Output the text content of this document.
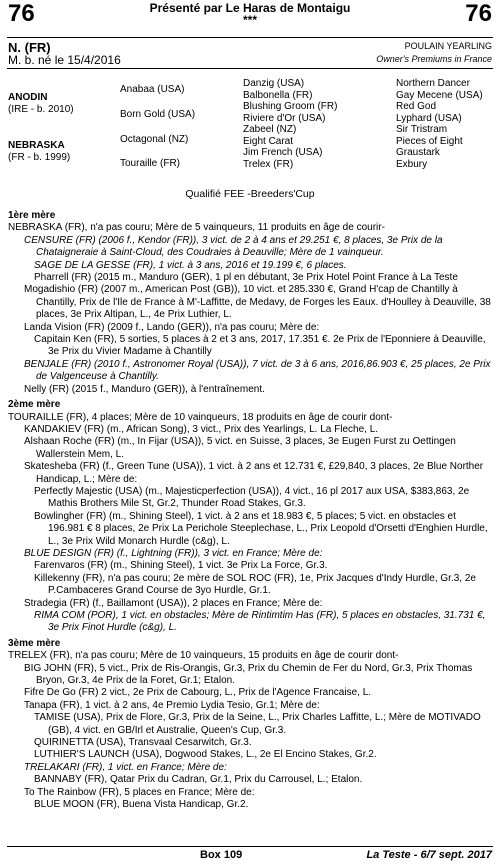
76	76
Présenté par Le Haras de Montaigu
***
N. (FR)
M. b. né le 15/4/2016
POULAIN YEARLING
Owner's Premiums in France
ANODIN
(IRE - b. 2010)
NEBRASKA
(FR - b. 1999)
Anabaa (USA)
Born Gold (USA)
Octagonal (NZ)
Touraille (FR)
Danzig (USA)
Balbonella (FR)
Blushing Groom (FR)
Riviere d'Or (USA)
Zabeel (NZ)
Eight Carat
Jim French (USA)
Trelex (FR)
Northern Dancer
Gay Mecene (USA)
Red God
Lyphard (USA)
Sir Tristram
Pieces of Eight
Graustark
Exbury
Qualifié FEE -Breeders'Cup

1ère mère

NEBRASKA (FR), n'a pas couru; Mère de 5 vainqueurs, 11 produits en âge de courir-

CENSURE (FR) (2006 f., Kendor (FR)), 3 vict. de 2 à 4 ans et 29.251 €, 8 places, 3e Prix de la Chataigneraie à Saint-Cloud, des Coudraies à Deauville; Mère de 1 vainqueur.

SAGE DE LA GESSE (FR), 1 vict. à 3 ans, 2016 et 19.199 €, 6 places.

Pharrell (FR) (2015 m., Manduro (GER), 1 pl en débutant, 3e Prix Hotel Point France à La Teste

Mogadishio (FR) (2007 m., American Post (GB)), 10 vict. et 285.330 €, Grand H'cap de Chantilly à Chantilly, Prix de l'Ile de France à M'-Laffitte, de Medavy, de Forges les Eaux. d'Houlley à Deauville, 38 places, 3e Prix Altipan, L., 4e Prix Luthier, L.

Landa Vision (FR) (2009 f., Lando (GER)), n'a pas couru; Mère de:

Capitain Ken (FR), 5 sorties, 5 places à 2 et 3 ans, 2017, 17.351 €. 2e Prix de l'Eponniere à Deauville, 3e Prix du Vivier Madame à Chantilly

BENJALE (FR) (2010 f., Astronomer Royal (USA)), 7 vict. de 3 à 6 ans, 2016,86.903 €, 25 places, 2e Prix de Valgenceuse à Chantilly.

Nelly (FR) (2015 f., Manduro (GER)), à l'entraînement.

2ème mère

TOURAILLE (FR), 4 places; Mère de 10 vainqueurs, 18 produits en âge de courir dont-

KANDAKIEV (FR) (m., African Song), 3 vict., Prix des Yearlings, L. La Fleche, L.

Alshaan Roche (FR) (m., In Fijar (USA)), 5 vict. en Suisse, 3 places, 3e Eugen Furst zu Oettingen Wallerstein Mem, L.

Skatesheba (FR) (f., Green Tune (USA)), 1 vict. à 2 ans et 12.731 €, £29,840, 3 places, 2e Blue Norther Handicap, L.; Mère de:

Perfectly Majestic (USA) (m., Majesticperfection (USA)), 4 vict., 16 pl 2017 aux USA, $383,863, 2e Mathis Brothers Mile St, Gr.2, Thunder Road Stakes, Gr.3.

Bowlingher (FR) (m., Shining Steel), 1 vict. à 2 ans et 18.983 €, 5 places; 5 vict. en obstacles et 196.981 € 8 places, 2e Prix La Perichole Steeplechase, L., Prix Leopold d'Orsetti d'Enghien Hurdle, L., 3e Prix Wild Monarch Hurdle (c&g), L.

BLUE DESIGN (FR) (f., Lightning (FR)), 3 vict. en France; Mère de:

Farenvaros (FR) (m., Shining Steel), 1 vict. 3e Prix La Force, Gr.3.

Killekenny (FR), n'a pas couru; 2e mère de SOL ROC (FR), 1e, Prix Jacques d'Indy Hurdle, Gr.3, 2e P.Cambaceres Grand Course de 3yo Hurdle, Gr.1.

Stradegia (FR) (f., Baillamont (USA)), 2 places en France; Mère de:

RIMA COM (POR), 1 vict. en obstacles; Mère de Rintimtim Has (FR), 5 places en obstacles, 31.731 €, 3e Prix Finot Hurdle (c&g), L.

3ème mère

TRELEX (FR), n'a pas couru; Mère de 10 vainqueurs, 15 produits en âge de courir dont-

BIG JOHN (FR), 5 vict., Prix de Ris-Orangis, Gr.3, Prix du Chemin de Fer du Nord, Gr.3, Prix Thomas Bryon, Gr.3, 4e Prix de la Foret, Gr.1; Etalon.

Fifre De Go (FR) 2 vict., 2e Prix de Cabourg, L., Prix de l'Agence Francaise, L.

Tanapa (FR), 1 vict. à 2 ans, 4e Premio Lydia Tesio, Gr.1; Mère de:

TAMISE (USA), Prix de Flore, Gr.3, Prix de la Seine, L., Prix Charles Laffitte, L.; Mère de MOTIVADO (GB), 4 vict. en GB/Irl et Australie, Queen's Cup, Gr.3.

QUIRINETTA (USA), Transvaal Cesarwitch, Gr.3.

LUTHIER'S LAUNCH (USA), Dogwood Stakes, L., 2e El Encino Stakes, Gr.2.

TRELAKARI (FR), 1 vict. en France; Mère de:

BANNABY (FR), Qatar Prix du Cadran, Gr.1, Prix du Carrousel, L.; Etalon.

To The Rainbow (FR), 5 places en France; Mère de:

BLUE MOON (FR), Buena Vista Handicap, Gr.2.

Box 109	La Teste - 6/7 sept. 2017
